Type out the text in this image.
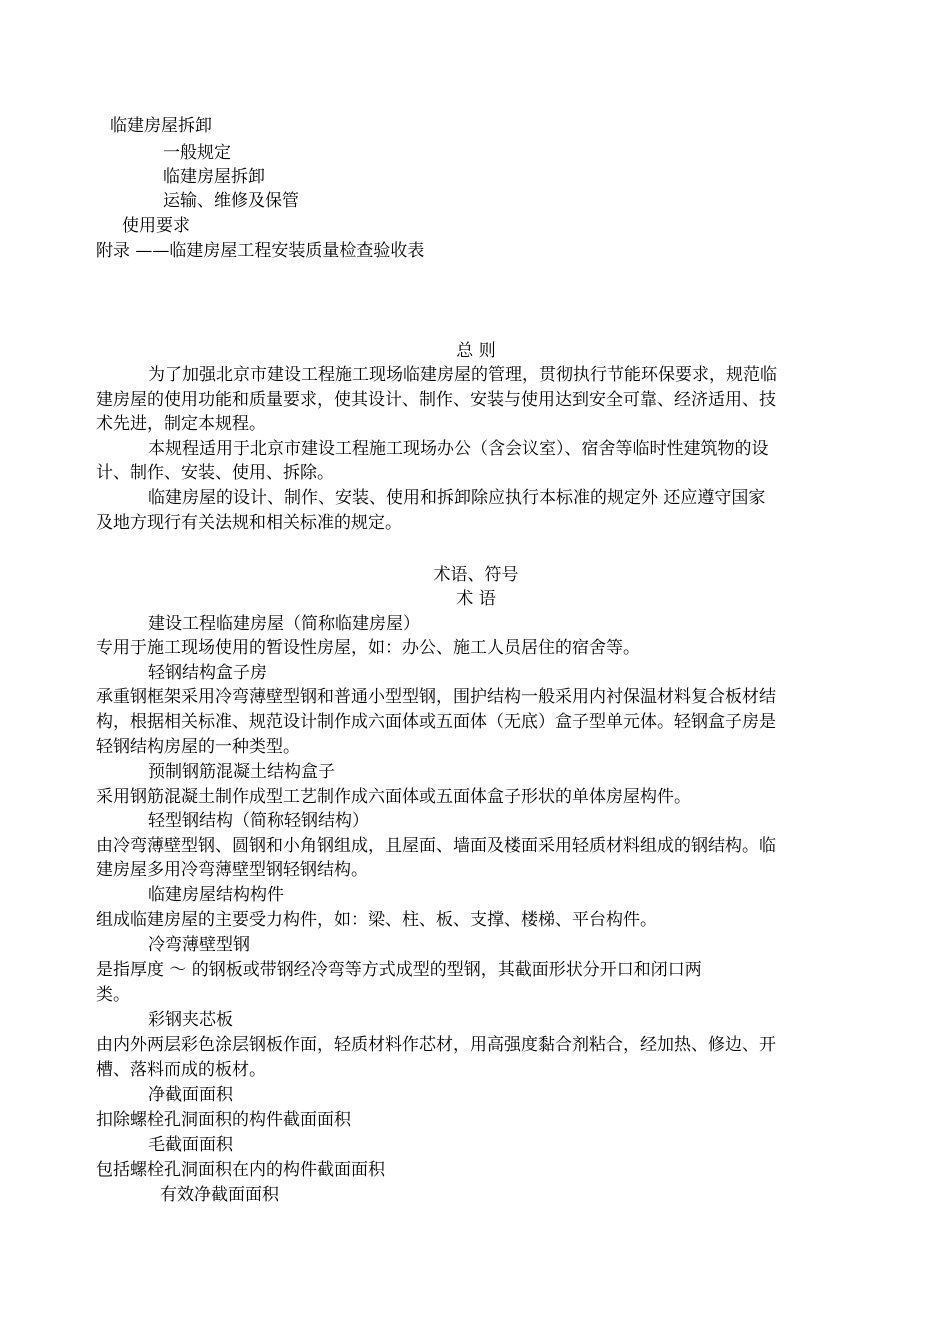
临建房屋拆卸

一般规定

临建房屋拆卸

运输、维修及保管

使用要求

附录 ——临建房屋工程安装质量检查验收表

总 则

为了加强北京市建设工程施工现场临建房屋的管理，贯彻执行节能环保要求，规范临

建房屋的使用功能和质量要求，使其设计、制作、安装与使用达到安全可靠、经济适用、技

术先进，制定本规程。

本规程适用于北京市建设工程施工现场办公（含会议室）、宿舍等临时性建筑物的设

计、制作、安装、使用、拆除。

临建房屋的设计、制作、安装、使用和拆卸除应执行本标准的规定外 还应遵守国家

及地方现行有关法规和相关标准的规定。

术语、符号

术 语

建设工程临建房屋（简称临建房屋）

专用于施工现场使用的暂设性房屋，如：办公、施工人员居住的宿舍等。

轻钢结构盒子房

承重钢框架采用冷弯薄壁型钢和普通小型型钢，围护结构一般采用内衬保温材料复合板材结

构，根据相关标准、规范设计制作成六面体或五面体（无底）盒子型单元体。轻钢盒子房是

轻钢结构房屋的一种类型。

预制钢筋混凝土结构盒子

采用钢筋混凝土制作成型工艺制作成六面体或五面体盒子形状的单体房屋构件。

轻型钢结构（简称轻钢结构）

由冷弯薄壁型钢、圆钢和小角钢组成，且屋面、墙面及楼面采用轻质材料组成的钢结构。临

建房屋多用冷弯薄壁型钢轻钢结构。

临建房屋结构构件

组成临建房屋的主要受力构件，如：梁、柱、板、支撑、楼梯、平台构件。

冷弯薄壁型钢

是指厚度 ～ 的钢板或带钢经冷弯等方式成型的型钢，其截面形状分开口和闭口两

类。

彩钢夹芯板

由内外两层彩色涂层钢板作面，轻质材料作芯材，用高强度黏合剂粘合，经加热、修边、开

槽、落料而成的板材。

净截面面积

扣除螺栓孔洞面积的构件截面面积

毛截面面积

包括螺栓孔洞面积在内的构件截面面积

有效净截面面积
